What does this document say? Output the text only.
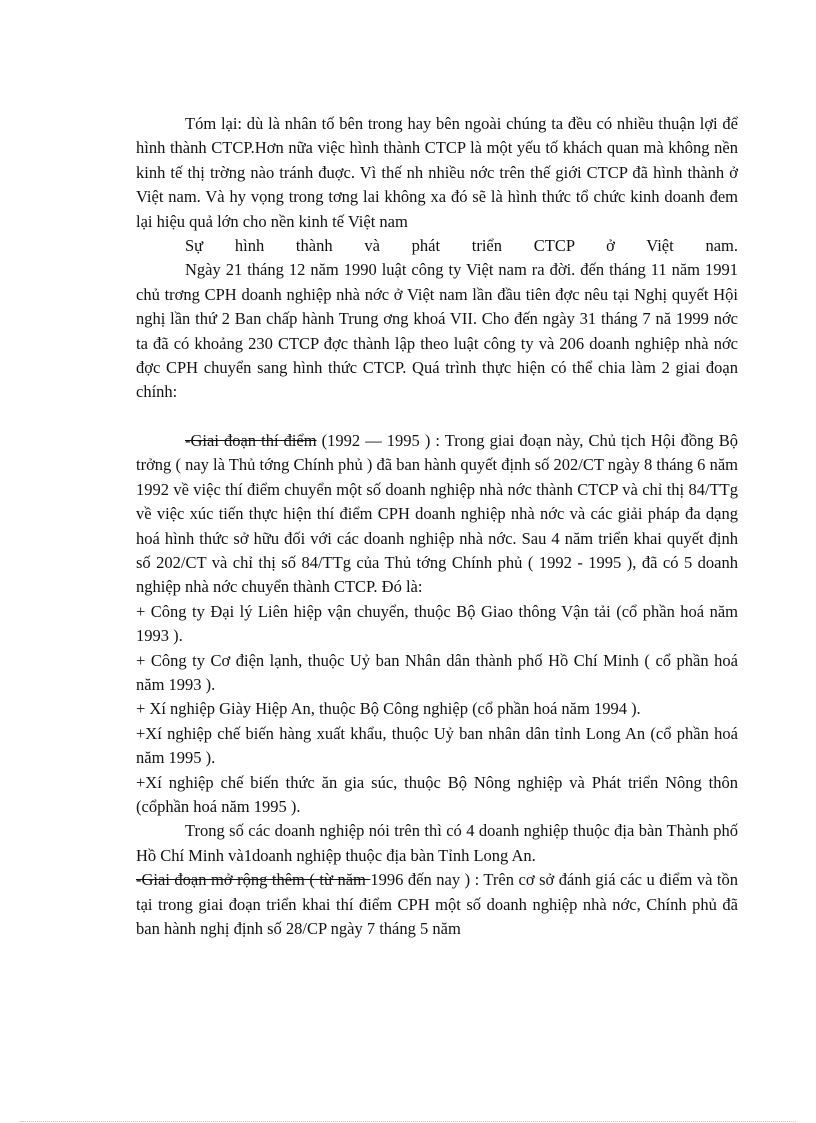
Tóm lại: dù là nhân tố bên trong hay bên ngoài chúng ta đều có nhiều thuận lợi để hình thành CTCP.Hơn nữa việc hình thành CTCP là một yếu tố khách quan mà không nền kinh tế thị trờng nào tránh đuợc. Vì thế nh nhiều nớc trên thế giới CTCP đã hình thành ở Việt nam. Và hy vọng trong tơng lai không xa đó sẽ là hình thức tổ chức kinh doanh đem lại hiệu quả lớn cho nền kinh tế Việt nam

Sự hình thành và phát triển CTCP ở Việt nam.

Ngày 21 tháng 12 năm 1990 luật công ty Việt nam ra đời. đến tháng 11 năm 1991 chủ trơng CPH doanh nghiệp nhà nớc ở Việt nam lần đầu tiên đợc nêu tại Nghị quyết Hội nghị lần thứ 2 Ban chấp hành Trung ơng khoá VII. Cho đến ngày 31 tháng 7 nă 1999 nớc ta đã có khoảng 230 CTCP đợc thành lập theo luật công ty và 206 doanh nghiệp nhà nớc đợc CPH chuyển sang hình thức CTCP. Quá trình thực hiện có thể chia làm 2 giai đoạn chính:

-Giai đoạn thí điểm (1992 — 1995 ) : Trong giai đoạn này, Chủ tịch Hội đồng Bộ trởng ( nay là Thủ tớng Chính phủ ) đã ban hành quyết định số 202/CT ngày 8 tháng 6 năm 1992 về việc thí điểm chuyển một số doanh nghiệp nhà nớc thành CTCP và chỉ thị 84/TTg về việc xúc tiến thực hiện thí điểm CPH doanh nghiệp nhà nớc và các giải pháp đa dạng hoá hình thức sở hữu đối với các doanh nghiệp nhà nớc. Sau 4 năm triển khai quyết định số 202/CT và chỉ thị số 84/TTg của Thủ tớng Chính phủ ( 1992 - 1995 ), đã có 5 doanh nghiệp nhà nớc chuyển thành CTCP. Đó là:

+ Công ty Đại lý Liên hiệp vận chuyển, thuộc Bộ Giao thông Vận tải (cổ phần hoá năm 1993 ).

+ Công ty Cơ điện lạnh, thuộc Uỷ ban Nhân dân thành phố Hồ Chí Minh ( cổ phần hoá năm 1993 ).

+ Xí nghiệp Giày Hiệp An, thuộc Bộ Công nghiệp (cổ phần hoá năm 1994 ).

+Xí nghiệp chế biến hàng xuất khẩu, thuộc Uỷ ban nhân dân tỉnh Long An (cổ phần hoá năm 1995 ).

+Xí nghiệp chế biến thức ăn gia súc, thuộc Bộ Nông nghiệp và Phát triển Nông thôn (cổphần hoá năm 1995 ).

Trong số các doanh nghiệp nói trên thì có 4 doanh nghiệp thuộc địa bàn Thành phố Hồ Chí Minh và1doanh nghiệp thuộc địa bàn Tỉnh Long An.

-Giai đoạn mở rộng thêm ( từ năm 1996 đến nay ) : Trên cơ sở đánh giá các u điểm và tồn tại trong giai đoạn triển khai thí điểm CPH một số doanh nghiệp nhà nớc, Chính phủ đã ban hành nghị định số 28/CP ngày 7 tháng 5 năm
